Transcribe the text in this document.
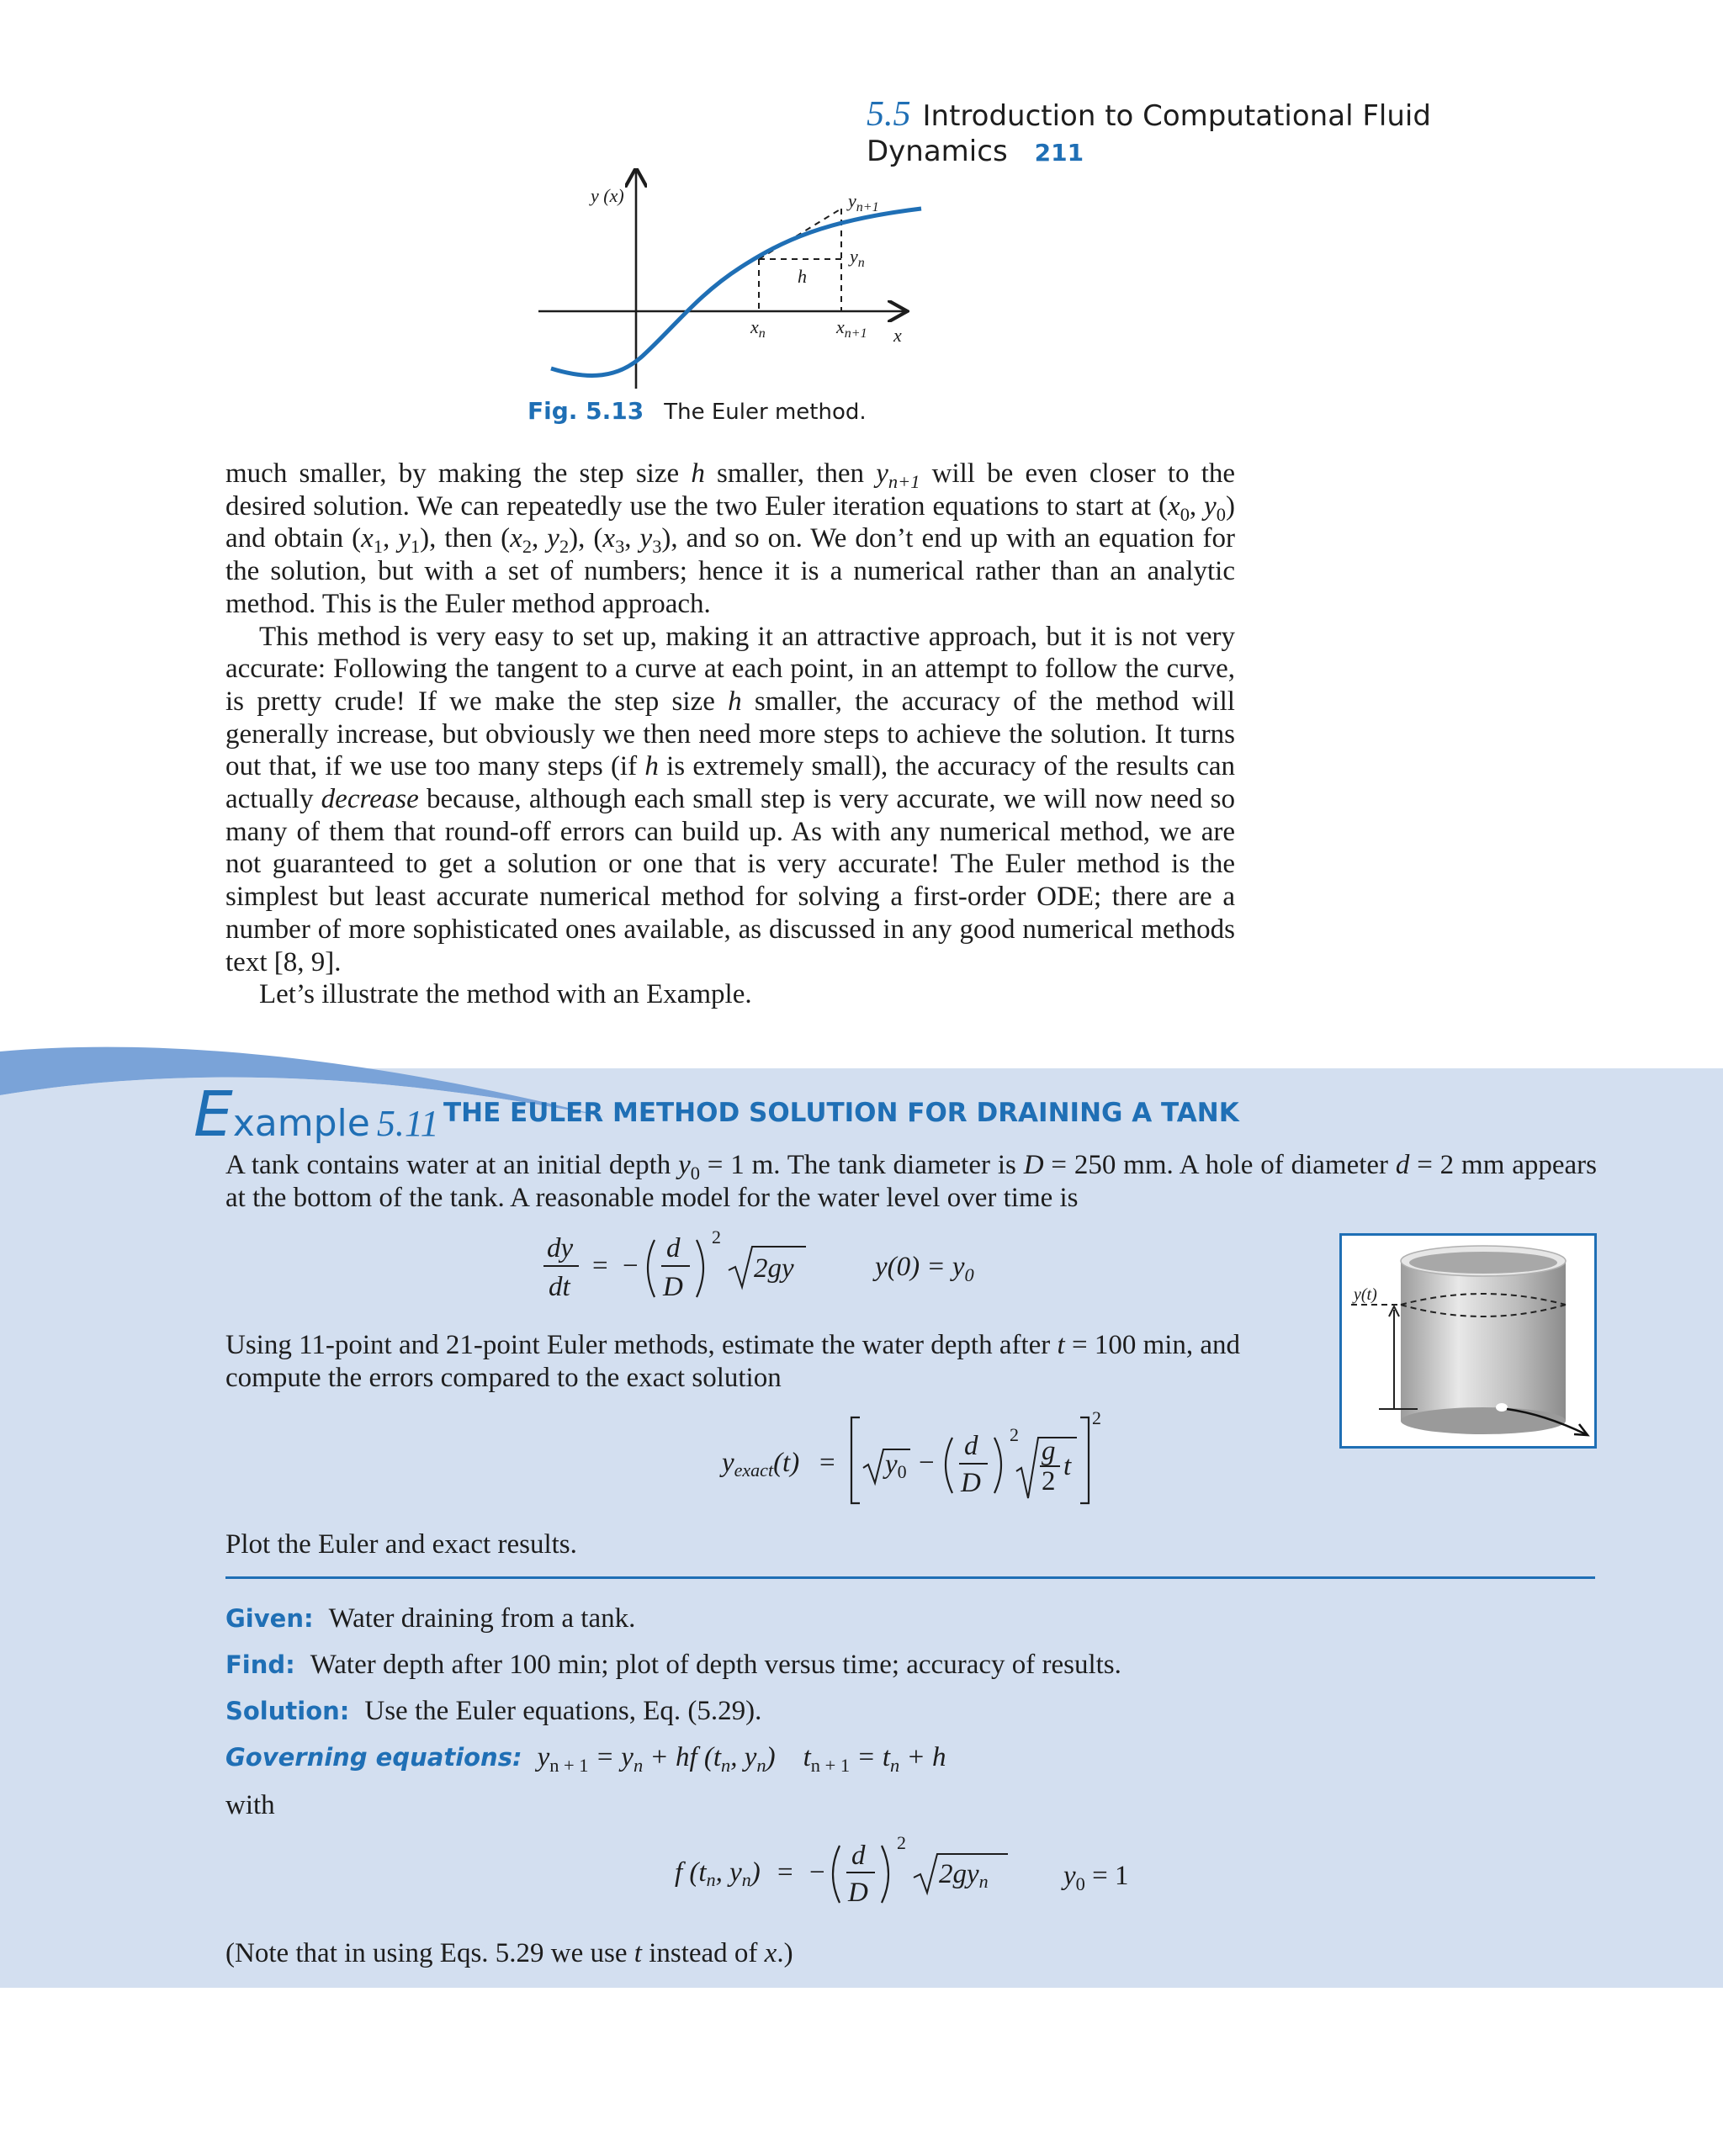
5.5 Introduction to Computational Fluid Dynamics 211
y (x)	$y_{n+1}$
$y_n$
h
$x_n$	$x_{n+1}$ x
Fig. 5.13 The Euler method.

much smaller, by making the step size h smaller, then $y_{n+1}$ will be even closer to the desired solution. We can repeatedly use the two Euler iteration equations to start at ($x_0$, $y_0$) and obtain ($x_1$, $y_1$), then ($x_2$, $y_2$), ($x_3$, $y_3$), and so on. We don’t end up with an equation for the solution, but with a set of numbers; hence it is a numerical rather than an analytic method. This is the Euler method approach.

This method is very easy to set up, making it an attractive approach, but it is not very accurate: Following the tangent to a curve at each point, in an attempt to follow the curve, is pretty crude! If we make the step size h smaller, the accuracy of the method will generally increase, but obviously we then need more steps to achieve the solution. It turns out that, if we use too many steps (if h is extremely small), the accuracy of the results can actually decrease because, although each small step is very accurate, we will now need so many of them that round-off errors can build up. As with any numerical method, we are not guaranteed to get a solution or one that is very accurate! The Euler method is the simplest but least accurate numerical method for solving a first-order ODE; there are a number of more sophisticated ones available, as discussed in any good numerical methods text [8, 9].

Let’s illustrate the method with an Example.

Example 5.11 THE EULER METHOD SOLUTION FOR DRAINING A TANK
A tank contains water at an initial depth $y_0 = 1$ m. The tank diameter is D = 250 mm. A hole of diameter d = 2 mm appears at the bottom of the tank. A reasonable model for the water level over time is
dy
dt
= −
d
D
2
2gy	$y(0) = y_0$
y(t)
Using 11-point and 21-point Euler methods, estimate the water depth after t = 100 min, and compute the errors compared to the exact solution
yexact(t) = y0 −
d
D
2
g
2 t
2
Plot the Euler and exact results.
Given: Water draining from a tank.
Find: Water depth after 100 min; plot of depth versus time; accuracy of results.
Solution: Use the Euler equations, Eq. (5.29).
Governing equations: $y_{n + 1} = y_n$ + hf ($t_n$, $y_n$) $t_{n + 1} = t_n + h$
with
f (tn, yn) = −
d
D
2
2gyn	$y_0 = 1$
(Note that in using Eqs. 5.29 we use t instead of x.)
